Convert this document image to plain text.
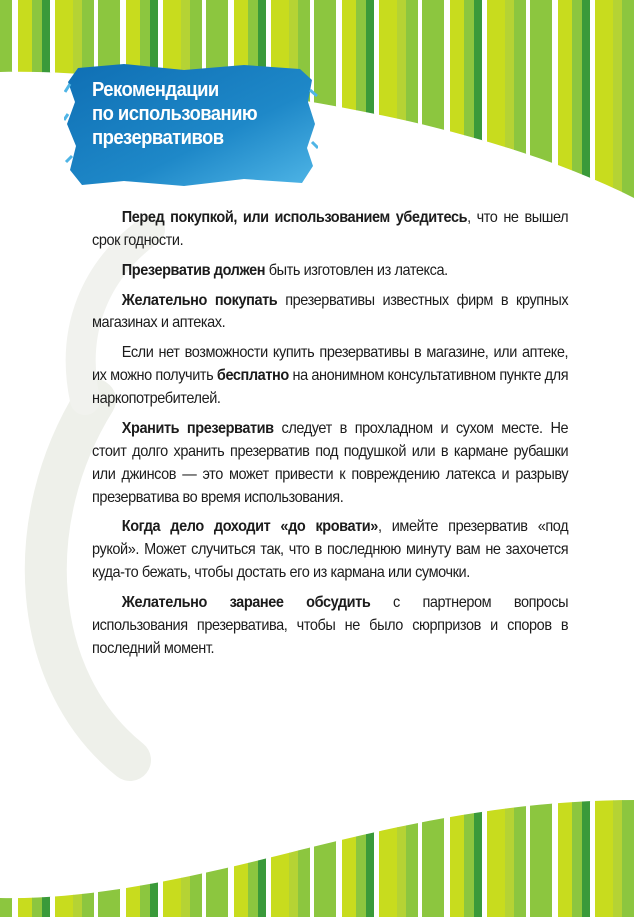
Рекомендации
по использованию
презервативов

Перед покупкой, или использованием убедитесь, что не вышел срок годности.

Презерватив должен быть изготовлен из латекса.

Желательно покупать презервативы известных фирм в крупных магазинах и аптеках.

Если нет возможности купить презервативы в магазине, или аптеке, их можно получить бесплатно на анонимном консультативном пункте для наркопотребителей.

Хранить презерватив следует в прохладном и сухом месте. Не стоит долго хранить презерватив под подушкой или в кармане рубашки или джинсов — это может привести к повреждению латекса и разрыву презерватива во время использования.

Когда дело доходит «до кровати», имейте презерватив «под рукой». Может случиться так, что в последнюю минуту вам не захочется куда-то бежать, чтобы достать его из кармана или сумочки.

Желательно заранее обсудить с партнером вопросы использования презерватива, чтобы не было сюрпризов и споров в последний момент.
